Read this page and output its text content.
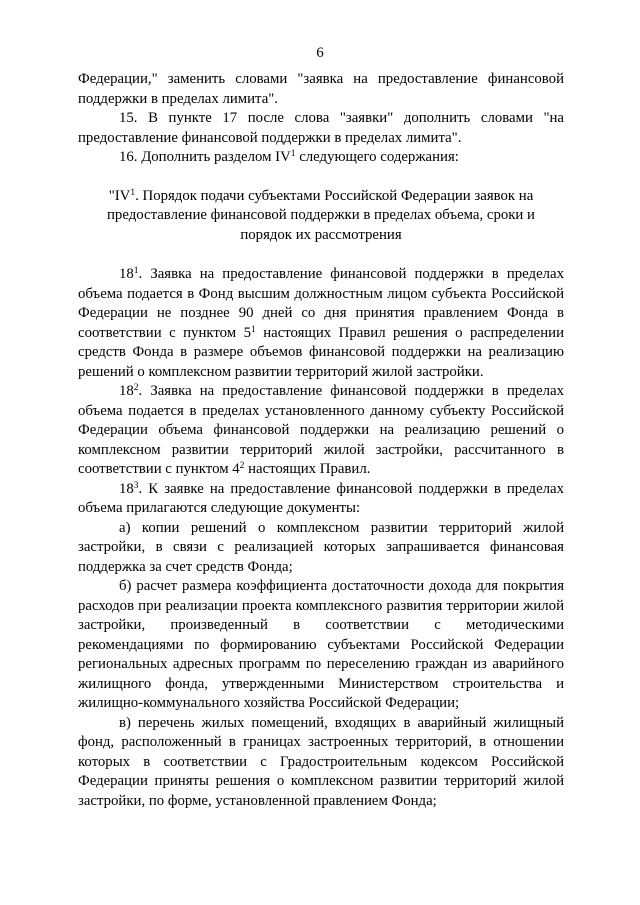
6

Федерации," заменить словами "заявка на предоставление финансовой поддержки в пределах лимита".

15. В пункте 17 после слова "заявки" дополнить словами "на предоставление финансовой поддержки в пределах лимита".

16. Дополнить разделом $IV^1$ следующего содержания:

"$IV^1$. Порядок подачи субъектами Российской Федерации заявок на предоставление финансовой поддержки в пределах объема, сроки и порядок их рассмотрения

$18^1$. Заявка на предоставление финансовой поддержки в пределах объема подается в Фонд высшим должностным лицом субъекта Российской Федерации не позднее 90 дней со дня принятия правлением Фонда в соответствии с пунктом $5^1$ настоящих Правил решения о распределении средств Фонда в размере объемов финансовой поддержки на реализацию решений о комплексном развитии территорий жилой застройки.

$18^2$. Заявка на предоставление финансовой поддержки в пределах объема подается в пределах установленного данному субъекту Российской Федерации объема финансовой поддержки на реализацию решений о комплексном развитии территорий жилой застройки, рассчитанного в соответствии с пунктом $4^2$ настоящих Правил.

$18^3$. К заявке на предоставление финансовой поддержки в пределах объема прилагаются следующие документы:

а) копии решений о комплексном развитии территорий жилой застройки, в связи с реализацией которых запрашивается финансовая поддержка за счет средств Фонда;

б) расчет размера коэффициента достаточности дохода для покрытия расходов при реализации проекта комплексного развития территории жилой застройки, произведенный в соответствии с методическими рекомендациями по формированию субъектами Российской Федерации региональных адресных программ по переселению граждан из аварийного жилищного фонда, утвержденными Министерством строительства и жилищно-коммунального хозяйства Российской Федерации;

в) перечень жилых помещений, входящих в аварийный жилищный фонд, расположенный в границах застроенных территорий, в отношении которых в соответствии с Градостроительным кодексом Российской Федерации приняты решения о комплексном развитии территорий жилой застройки, по форме, установленной правлением Фонда;
